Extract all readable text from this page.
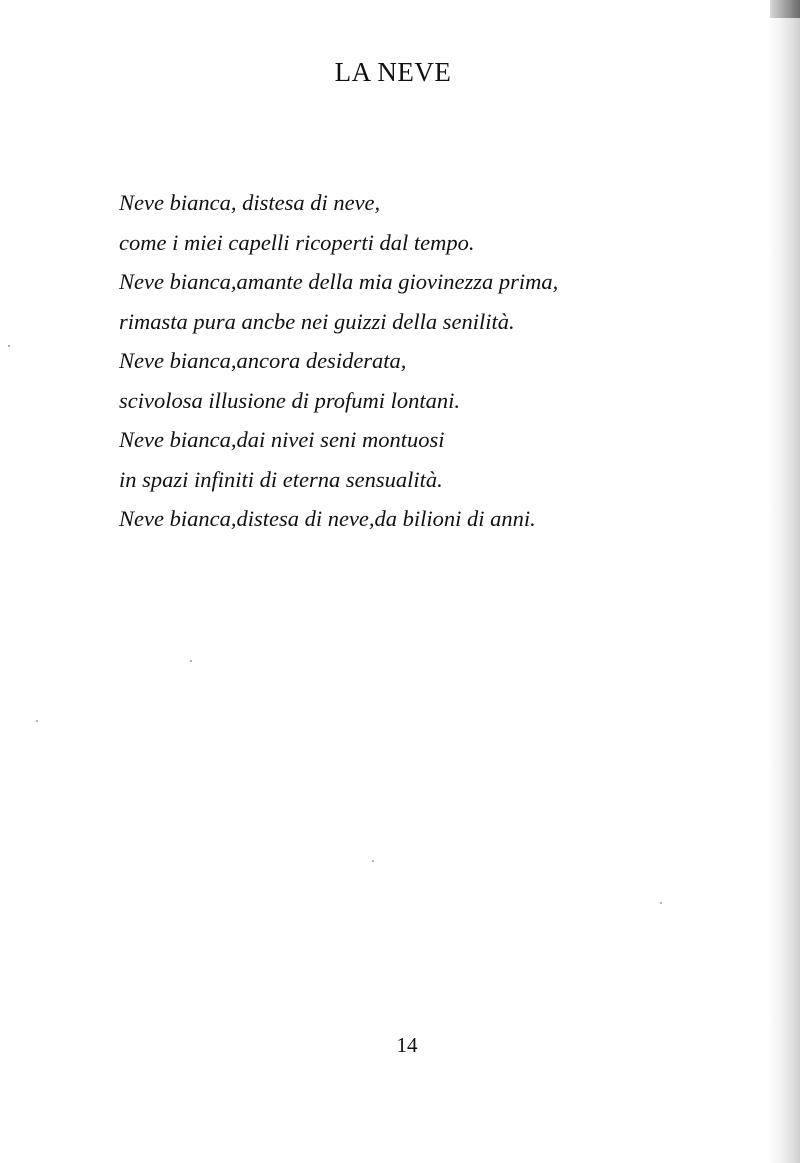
LA NEVE
Neve bianca, distesa di neve,
come i miei capelli ricoperti dal tempo.
Neve bianca,amante della mia giovinezza prima,
rimasta pura ancbe nei guizzi della senilità.
Neve bianca,ancora desiderata,
scivolosa illusione di profumi lontani.
Neve bianca,dai nivei seni montuosi
in spazi infiniti di eterna sensualità.
Neve bianca,distesa di neve,da bilioni di anni.
14
